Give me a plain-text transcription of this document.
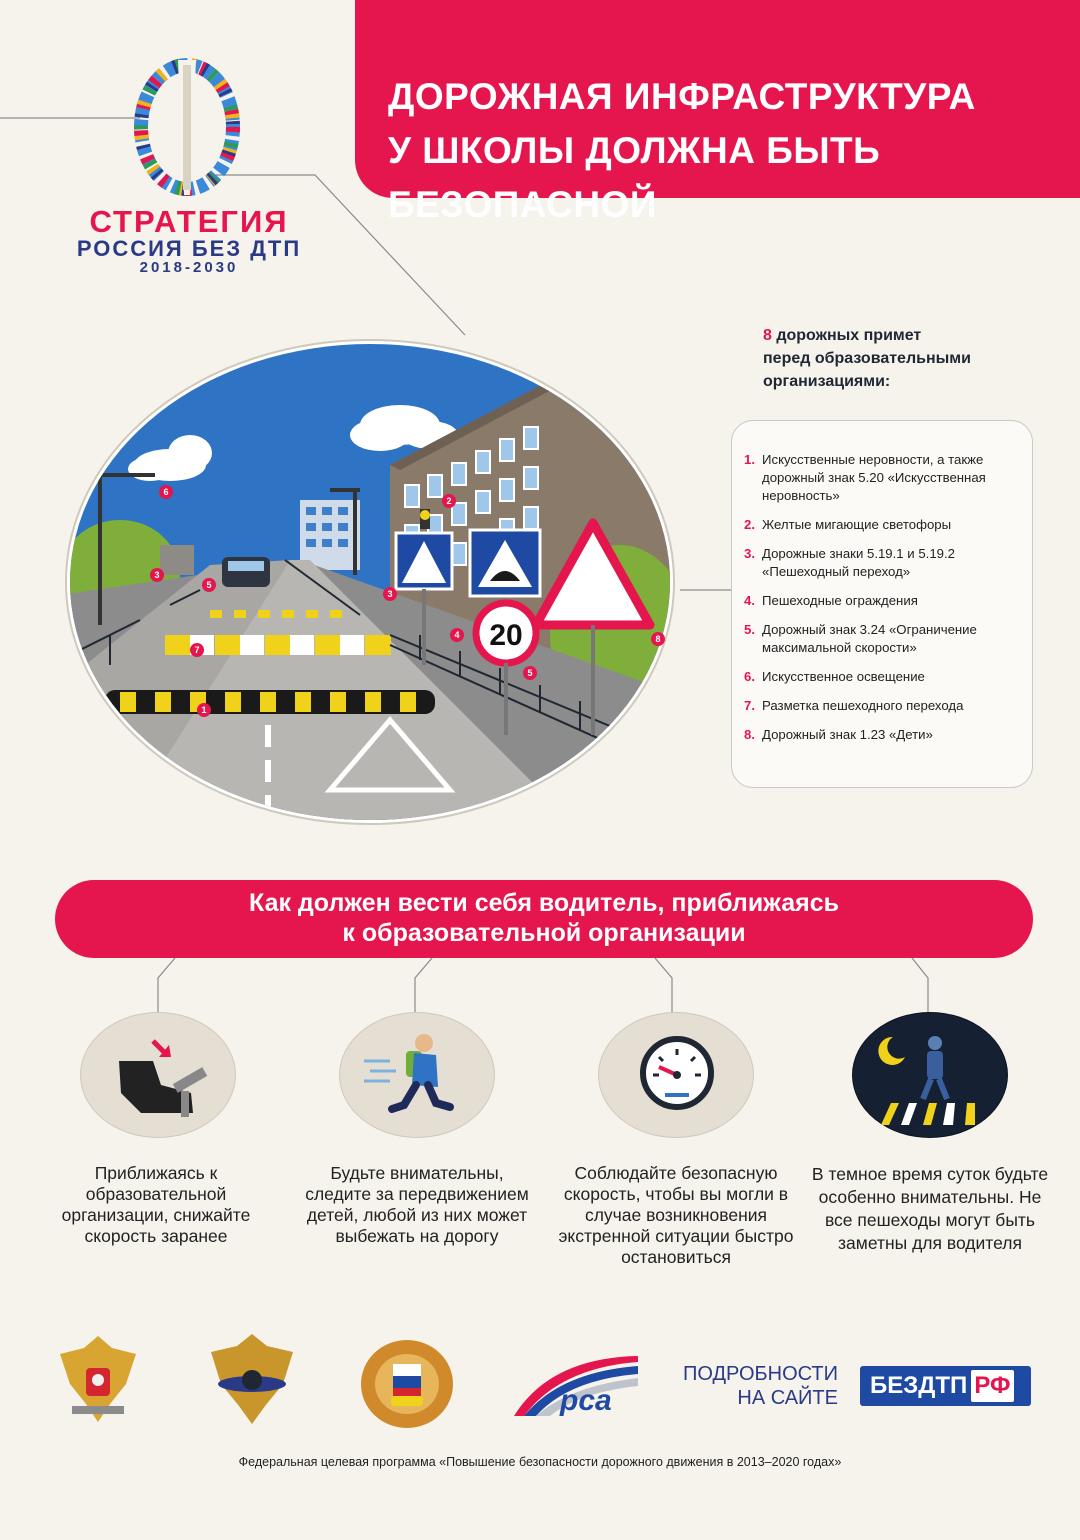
ДОРОЖНАЯ ИНФРАСТРУКТУРА
У ШКОЛЫ ДОЛЖНА БЫТЬ БЕЗОПАСНОЙ
СТРАТЕГИЯ
РОССИЯ БЕЗ ДТП
2018-2030
20
6
2
3
5
3
7
4
5
8
1
8 дорожных примет
перед образовательными
организациями:
1. Искусственные неровности, а также дорожный знак 5.20 «Искусственная неровность»
2. Желтые мигающие светофоры
3. Дорожные знаки 5.19.1 и 5.19.2 «Пешеходный переход»
4. Пешеходные ограждения
5. Дорожный знак 3.24 «Ограничение максимальной скорости»
6. Искусственное освещение
7. Разметка пешеходного перехода
8. Дорожный знак 1.23 «Дети»
Как должен вести себя водитель, приближаясь
к образовательной организации
Приближаясь к образовательной организации, снижайте скорость заранее
Будьте внимательны, следите за передвижением детей, любой из них может выбежать на дорогу
Соблюдайте безопасную скорость, чтобы вы могли в случае возникновения экстренной ситуации быстро остановиться
В темное время суток будьте особенно внимательны. Не все пешеходы могут быть заметны для водителя
рса
ПОДРОБНОСТИ
НА САЙТЕ	БЕЗДТП РФ
Федеральная целевая программа «Повышение безопасности дорожного движения в 2013–2020 годах»
